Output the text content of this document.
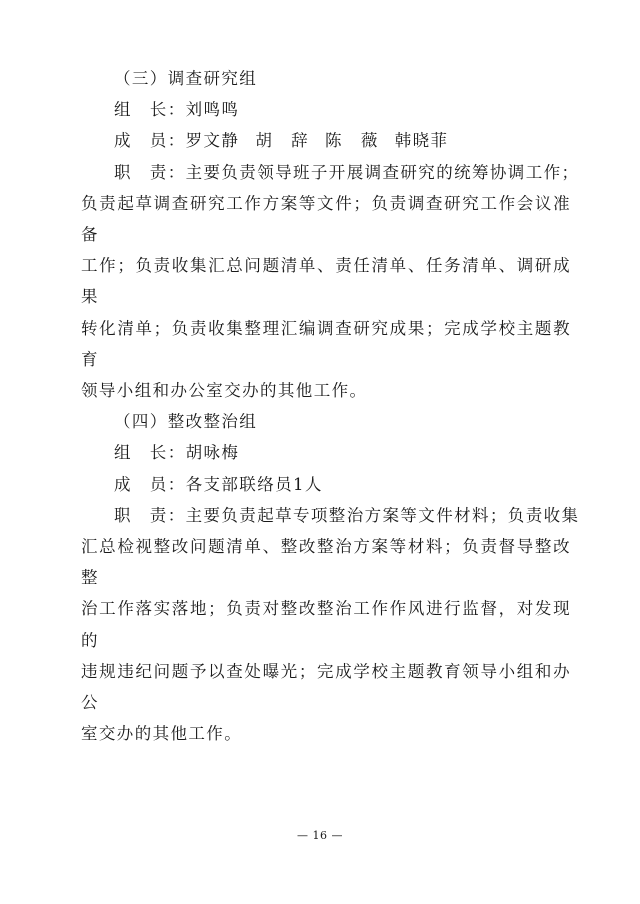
（三）调查研究组

组　长：刘鸣鸣

成　员：罗文静 胡　辞 陈　薇 韩晓菲

职　责：主要负责领导班子开展调查研究的统筹协调工作；

负责起草调查研究工作方案等文件；负责调查研究工作会议准备

工作；负责收集汇总问题清单、责任清单、任务清单、调研成果

转化清单；负责收集整理汇编调查研究成果；完成学校主题教育

领导小组和办公室交办的其他工作。

（四）整改整治组

组　长：胡咏梅

成　员：各支部联络员1人

职　责：主要负责起草专项整治方案等文件材料；负责收集

汇总检视整改问题清单、整改整治方案等材料；负责督导整改整

治工作落实落地；负责对整改整治工作作风进行监督，对发现的

违规违纪问题予以查处曝光；完成学校主题教育领导小组和办公

室交办的其他工作。

— 16 —
